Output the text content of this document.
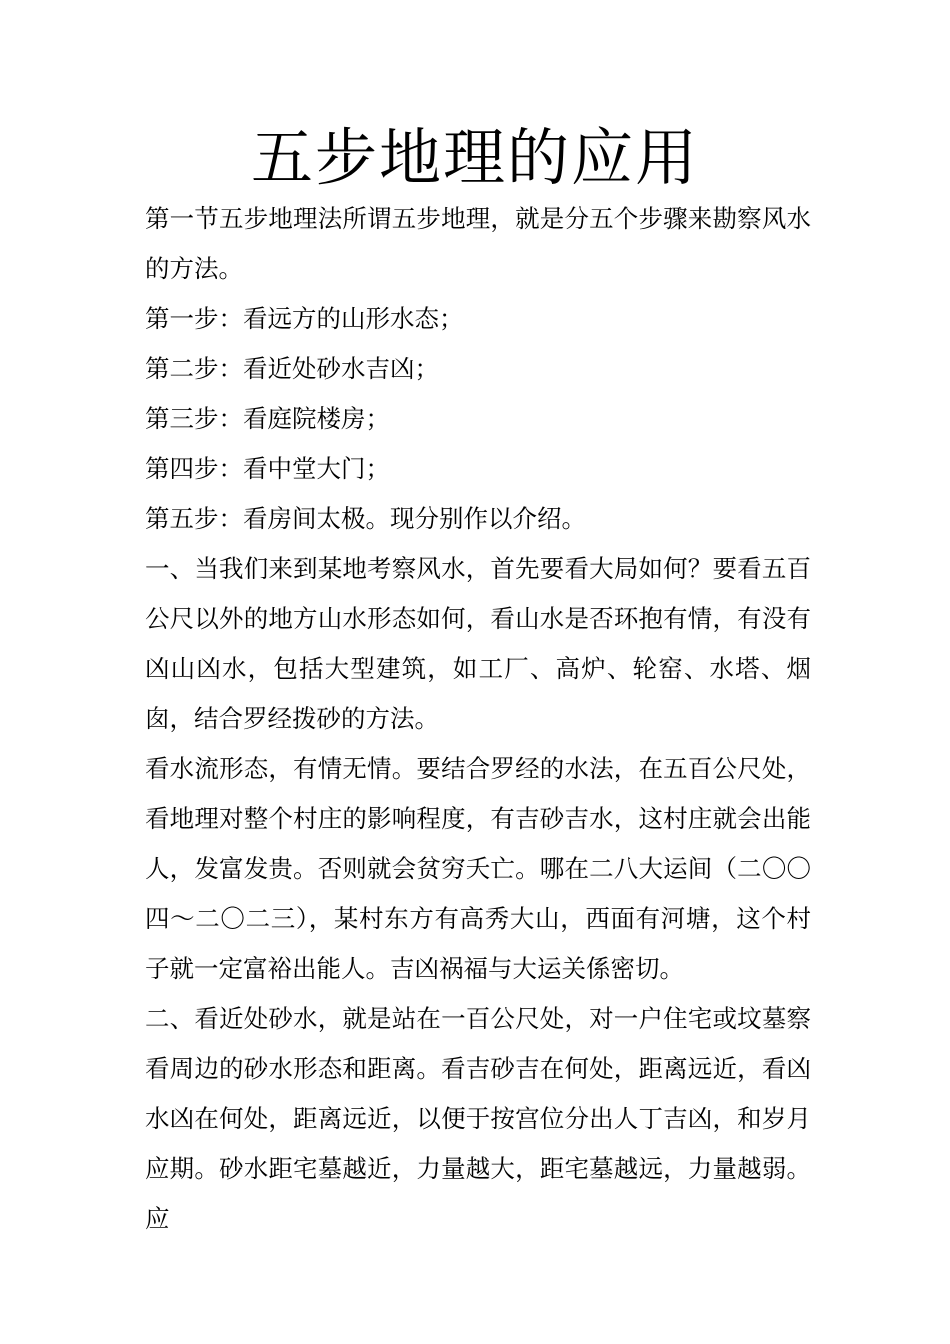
五步地理的应用

第一节五步地理法所谓五步地理，就是分五个步骤来勘察风水的方法。

第一步：看远方的山形水态；

第二步：看近处砂水吉凶；

第三步：看庭院楼房；

第四步：看中堂大门；

第五步：看房间太极。现分别作以介绍。

一、当我们来到某地考察风水，首先要看大局如何？要看五百公尺以外的地方山水形态如何，看山水是否环抱有情，有没有凶山凶水，包括大型建筑，如工厂、高炉、轮窑、水塔、烟囱，结合罗经拨砂的方法。

看水流形态，有情无情。要结合罗经的水法，在五百公尺处，看地理对整个村庄的影响程度，有吉砂吉水，这村庄就会出能人，发富发贵。否则就会贫穷夭亡。哪在二八大运间（二〇〇四～二〇二三），某村东方有高秀大山，西面有河塘，这个村子就一定富裕出能人。吉凶祸福与大运关係密切。

二、看近处砂水，就是站在一百公尺处，对一户住宅或坟墓察看周边的砂水形态和距离。看吉砂吉在何处，距离远近，看凶水凶在何处，距离远近，以便于按宫位分出人丁吉凶，和岁月应期。砂水距宅墓越近，力量越大，距宅墓越远，力量越弱。应
